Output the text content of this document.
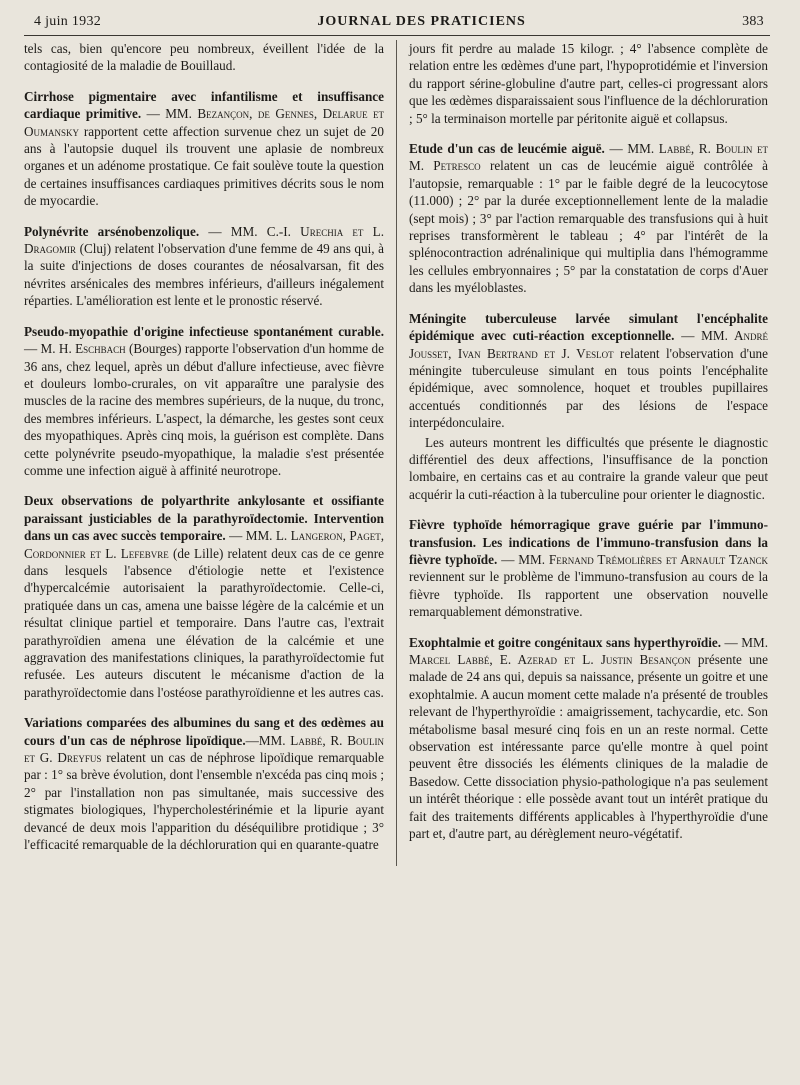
4 juin 1932	JOURNAL DES PRATICIENS	383

tels cas, bien qu'encore peu nombreux, éveillent l'idée de la contagiosité de la maladie de Bouillaud.

Cirrhose pigmentaire avec infantilisme et insuffisance cardiaque primitive. — MM. Bezançon, de Gennes, Delarue et Oumansky rapportent cette affection survenue chez un sujet de 20 ans à l'autopsie duquel ils trouvent une aplasie de nombreux organes et un adénome prostatique. Ce fait soulève toute la question de certaines insuffisances cardiaques primitives décrits sous le nom de myocardie.

Polynévrite arsénobenzolique. — MM. C.-I. Urechia et L. Dragomir (Cluj) relatent l'observation d'une femme de 49 ans qui, à la suite d'injections de doses courantes de néosalvarsan, fit des névrites arsénicales des membres inférieurs, d'ailleurs inégalement réparties. L'amélioration est lente et le pronostic réservé.

Pseudo-myopathie d'origine infectieuse spontanément curable. — M. H. Eschbach (Bourges) rapporte l'observation d'un homme de 36 ans, chez lequel, après un début d'allure infectieuse, avec fièvre et douleurs lombo-crurales, on vit apparaître une paralysie des muscles de la racine des membres supérieurs, de la nuque, du tronc, des membres inférieurs. L'aspect, la démarche, les gestes sont ceux des myopathiques. Après cinq mois, la guérison est complète. Dans cette polynévrite pseudo-myopathique, la maladie s'est présentée comme une infection aiguë à affinité neurotrope.

Deux observations de polyarthrite ankylosante et ossifiante paraissant justiciables de la parathyroïdectomie. Intervention dans un cas avec succès temporaire. — MM. L. Langeron, Paget, Cordonnier et L. Lefebvre (de Lille) relatent deux cas de ce genre dans lesquels l'absence d'étiologie nette et l'existence d'hypercalcémie autorisaient la parathyroïdectomie. Celle-ci, pratiquée dans un cas, amena une baisse légère de la calcémie et un résultat clinique partiel et temporaire. Dans l'autre cas, l'extrait parathyroïdien amena une élévation de la calcémie et une aggravation des manifestations cliniques, la parathyroïdectomie fut refusée. Les auteurs discutent le mécanisme d'action de la parathyroïdectomie dans l'ostéose parathyroïdienne et les autres cas.

Variations comparées des albumines du sang et des œdèmes au cours d'un cas de néphrose lipoïdique.—MM. Labbé, R. Boulin et G. Dreyfus relatent un cas de néphrose lipoïdique remarquable par : 1° sa brève évolution, dont l'ensemble n'excéda pas cinq mois ; 2° par l'installation non pas simultanée, mais successive des stigmates biologiques, l'hypercholestérinémie et la lipurie ayant devancé de deux mois l'apparition du déséquilibre protidique ; 3° l'efficacité remarquable de la déchloruration qui en quarante-quatre

jours fit perdre au malade 15 kilogr. ; 4° l'absence complète de relation entre les œdèmes d'une part, l'hypoprotidémie et l'inversion du rapport sérine-globuline d'autre part, celles-ci progressant alors que les œdèmes disparaissaient sous l'influence de la déchloruration ; 5° la terminaison mortelle par péritonite aiguë et collapsus.

Etude d'un cas de leucémie aiguë. — MM. Labbé, R. Boulin et M. Petresco relatent un cas de leucémie aiguë contrôlée à l'autopsie, remarquable : 1° par le faible degré de la leucocytose (11.000) ; 2° par la durée exceptionnellement lente de la maladie (sept mois) ; 3° par l'action remarquable des transfusions qui à huit reprises transformèrent le tableau ; 4° par l'intérêt de la splénocontraction adrénalinique qui multiplia dans l'hémogramme les cellules embryonnaires ; 5° par la constatation de corps d'Auer dans les myéloblastes.

Méningite tuberculeuse larvée simulant l'encéphalite épidémique avec cuti-réaction exceptionnelle. — MM. André Jousset, Ivan Bertrand et J. Veslot relatent l'observation d'une méningite tuberculeuse simulant en tous points l'encéphalite épidémique, avec somnolence, hoquet et troubles pupillaires accentués conditionnés par des lésions de l'espace interpédonculaire.

Les auteurs montrent les difficultés que présente le diagnostic différentiel des deux affections, l'insuffisance de la ponction lombaire, en certains cas et au contraire la grande valeur que peut acquérir la cuti-réaction à la tuberculine pour orienter le diagnostic.

Fièvre typhoïde hémorragique grave guérie par l'immuno-transfusion. Les indications de l'immuno-transfusion dans la fièvre typhoïde. — MM. Fernand Trémolières et Arnault Tzanck reviennent sur le problème de l'immuno-transfusion au cours de la fièvre typhoïde. Ils rapportent une observation nouvelle remarquablement démonstrative.

Exophtalmie et goitre congénitaux sans hyperthyroïdie. — MM. Marcel Labbé, E. Azerad et L. Justin Besançon présente une malade de 24 ans qui, depuis sa naissance, présente un goitre et une exophtalmie. A aucun moment cette malade n'a présenté de troubles relevant de l'hyperthyroïdie : amaigrissement, tachycardie, etc. Son métabolisme basal mesuré cinq fois en un an reste normal. Cette observation est intéressante parce qu'elle montre à quel point peuvent être dissociés les éléments cliniques de la maladie de Basedow. Cette dissociation physio-pathologique n'a pas seulement un intérêt théorique : elle possède avant tout un intérêt pratique du fait des traitements différents applicables à l'hyperthyroïdie d'une part et, d'autre part, au dérèglement neuro-végétatif.
